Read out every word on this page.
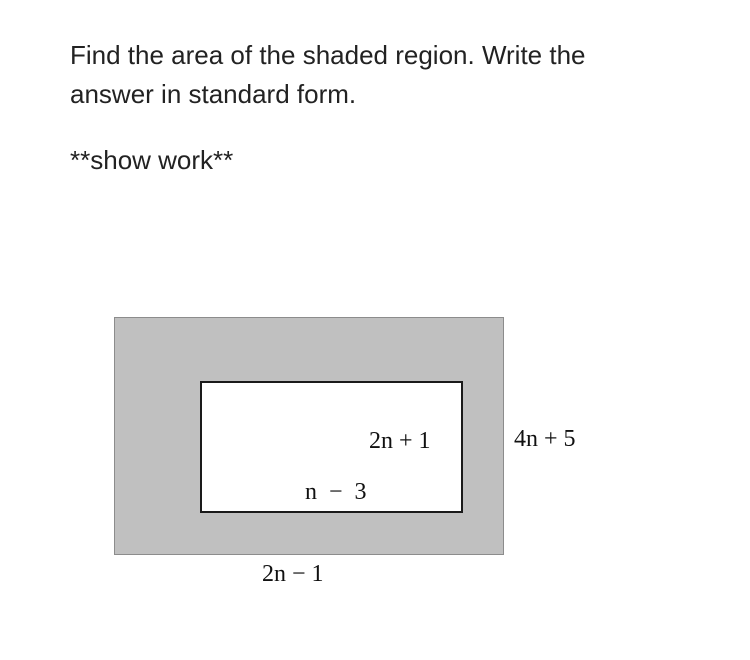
Find the area of the shaded region. Write the
answer in standard form.

**show work**

2n + 1
n  −  3
4n + 5
2n − 1
